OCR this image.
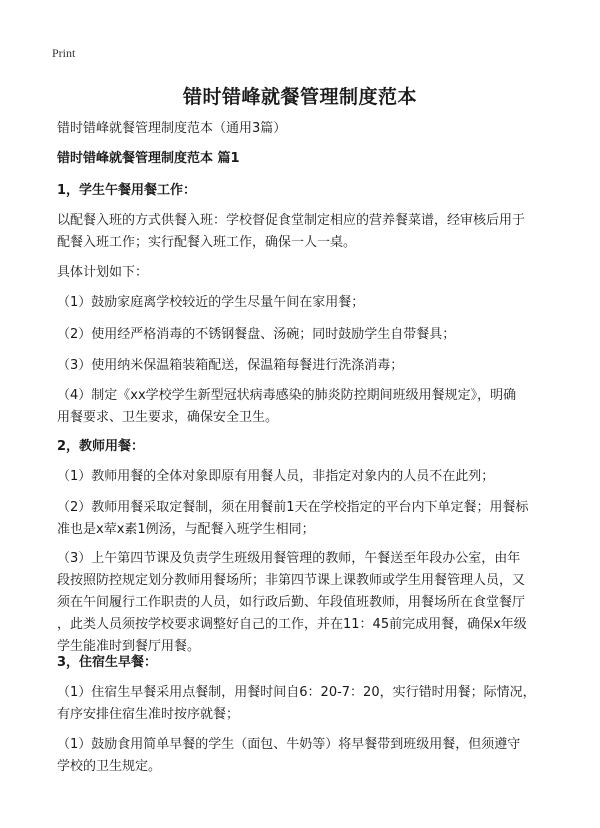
Print
错时错峰就餐管理制度范本
错时错峰就餐管理制度范本（通用3篇）
错时错峰就餐管理制度范本 篇1
1，学生午餐用餐工作：
以配餐入班的方式供餐入班：学校督促食堂制定相应的营养餐菜谱，经审核后用于
配餐入班工作；实行配餐入班工作，确保一人一桌。
具体计划如下：
（1）鼓励家庭离学校较近的学生尽量午间在家用餐；
（2）使用经严格消毒的不锈钢餐盘、汤碗；同时鼓励学生自带餐具；
（3）使用纳米保温箱装箱配送，保温箱每餐进行洗涤消毒；
（4）制定《xx学校学生新型冠状病毒感染的肺炎防控期间班级用餐规定》，明确
用餐要求、卫生要求，确保安全卫生。
2，教师用餐：
（1）教师用餐的全体对象即原有用餐人员，非指定对象内的人员不在此列；
（2）教师用餐采取定餐制，须在用餐前1天在学校指定的平台内下单定餐；用餐标
准也是x荤x素1例汤，与配餐入班学生相同；
（3）上午第四节课及负责学生班级用餐管理的教师，午餐送至年段办公室，由年
段按照防控规定划分教师用餐场所；非第四节课上课教师或学生用餐管理人员，又
须在午间履行工作职责的人员，如行政后勤、年段值班教师，用餐场所在食堂餐厅
，此类人员须按学校要求调整好自己的工作，并在11：45前完成用餐，确保x年级
学生能准时到餐厅用餐。
3，住宿生早餐：
（1）住宿生早餐采用点餐制，用餐时间自6：20-7：20，实行错时用餐；际情况，
有序安排住宿生准时按序就餐；
（1）鼓励食用简单早餐的学生（面包、牛奶等）将早餐带到班级用餐，但须遵守
学校的卫生规定。
